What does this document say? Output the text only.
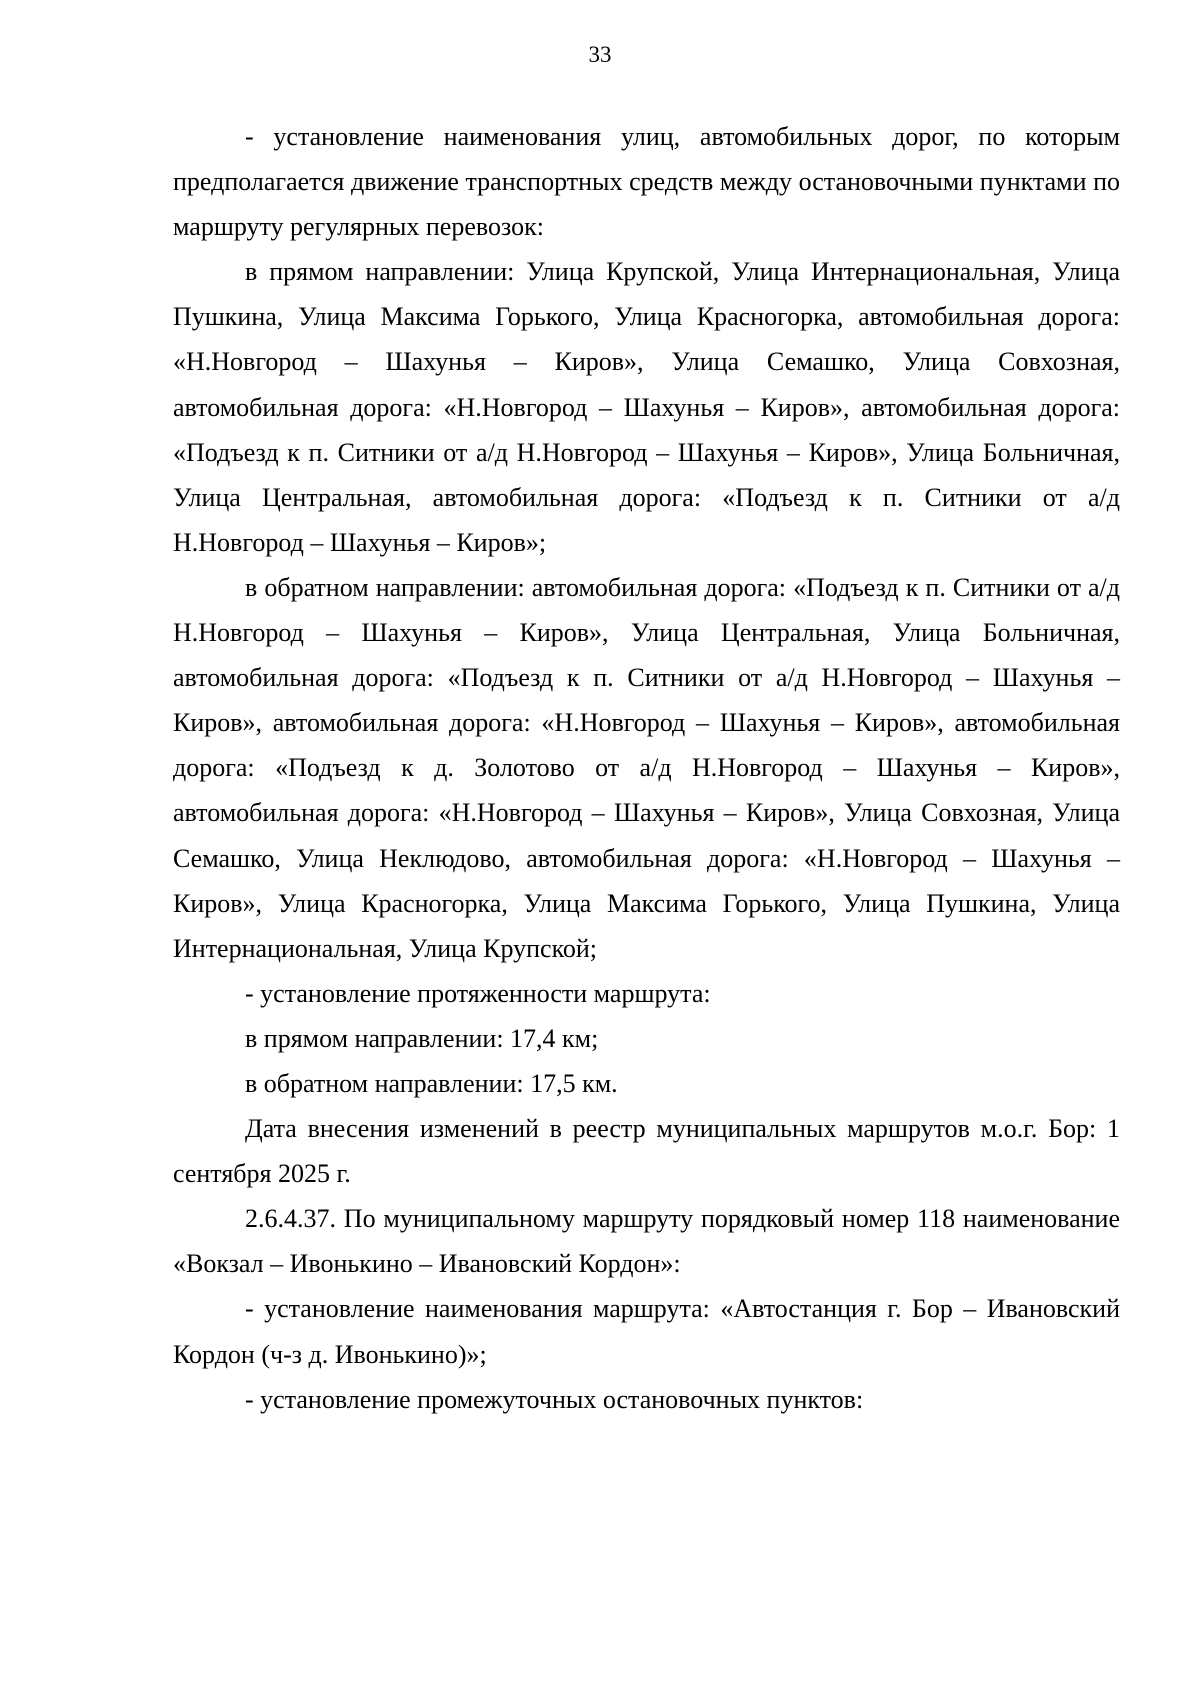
33

- установление наименования улиц, автомобильных дорог, по которым предполагается движение транспортных средств между остановочными пунктами по маршруту регулярных перевозок:

в прямом направлении: Улица Крупской, Улица Интернациональная, Улица Пушкина, Улица Максима Горького, Улица Красногорка, автомобильная дорога: «Н.Новгород – Шахунья – Киров», Улица Семашко, Улица Совхозная, автомобильная дорога: «Н.Новгород – Шахунья – Киров», автомобильная дорога: «Подъезд к п. Ситники от а/д Н.Новгород – Шахунья – Киров», Улица Больничная, Улица Центральная, автомобильная дорога: «Подъезд к п. Ситники от а/д Н.Новгород – Шахунья – Киров»;

в обратном направлении: автомобильная дорога: «Подъезд к п. Ситники от а/д Н.Новгород – Шахунья – Киров», Улица Центральная, Улица Больничная, автомобильная дорога: «Подъезд к п. Ситники от а/д Н.Новгород – Шахунья – Киров», автомобильная дорога: «Н.Новгород – Шахунья – Киров», автомобильная дорога: «Подъезд к д. Золотово от а/д Н.Новгород – Шахунья – Киров», автомобильная дорога: «Н.Новгород – Шахунья – Киров», Улица Совхозная, Улица Семашко, Улица Неклюдово, автомобильная дорога: «Н.Новгород – Шахунья – Киров», Улица Красногорка, Улица Максима Горького, Улица Пушкина, Улица Интернациональная, Улица Крупской;

- установление протяженности маршрута:

в прямом направлении: 17,4 км;

в обратном направлении: 17,5 км.

Дата внесения изменений в реестр муниципальных маршрутов м.о.г. Бор: 1 сентября 2025 г.

2.6.4.37. По муниципальному маршруту порядковый номер 118 наименование «Вокзал – Ивонькино – Ивановский Кордон»:

- установление наименования маршрута: «Автостанция г. Бор – Ивановский Кордон (ч-з д. Ивонькино)»;

- установление промежуточных остановочных пунктов:
